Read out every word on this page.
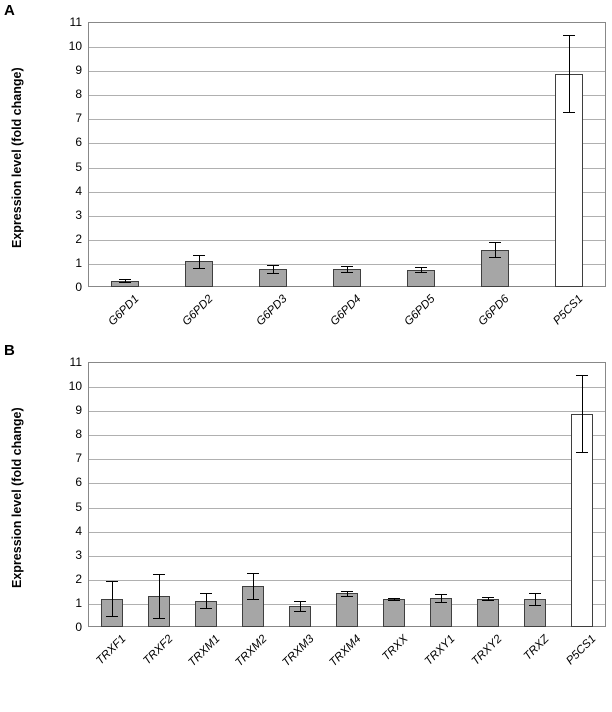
A
Expression level (fold change)
0
1
2
3
4
5
6
7
8
9
10
11
G6PD1	G6PD2	G6PD3	G6PD4	G6PD5	G6PD6	P5CS1
B
Expression level (fold change)
0
1
2
3
4
5
6
7
8
9
10
11
TRXF1	TRXF2 TRXM1 TRXM2 TRXM3 TRXM4	TRXX	TRXY1	TRXY2	TRXZ	P5CS1
